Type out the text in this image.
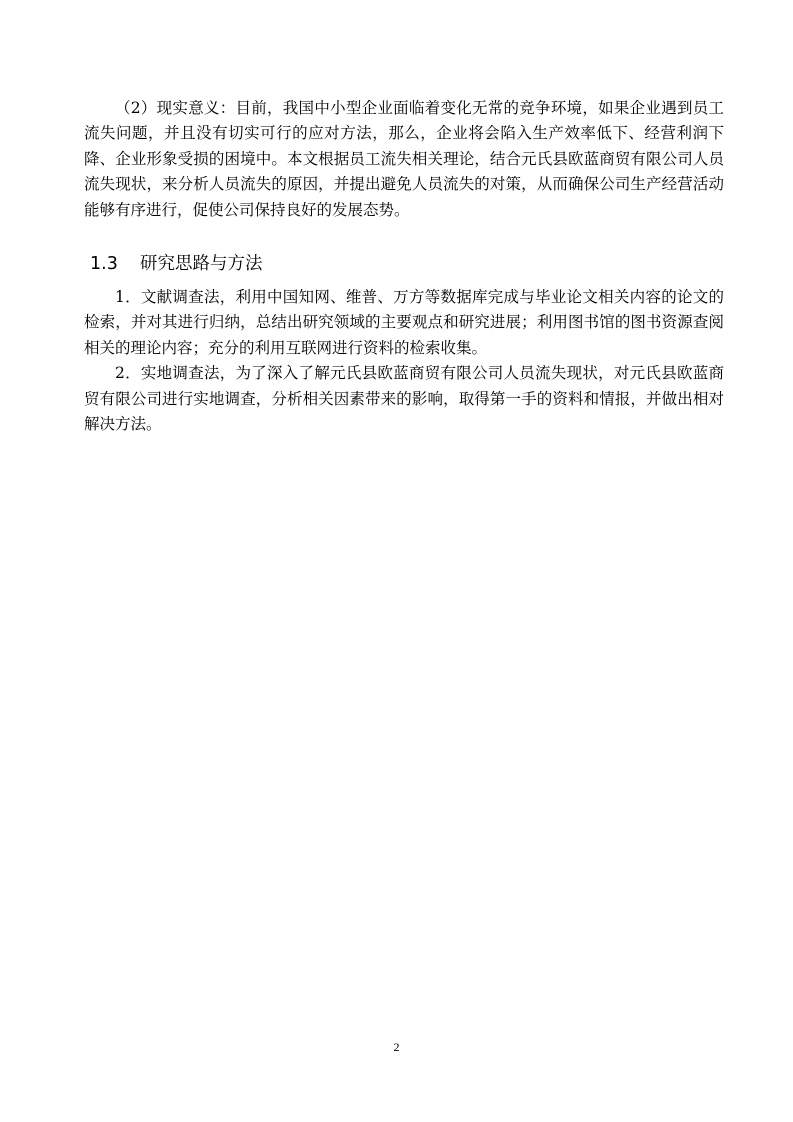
（2）现实意义：目前，我国中小型企业面临着变化无常的竞争环境，如果企业遇到员工流失问题，并且没有切实可行的应对方法，那么，企业将会陷入生产效率低下、经营利润下降、企业形象受损的困境中。本文根据员工流失相关理论，结合元氏县欧蓝商贸有限公司人员流失现状，来分析人员流失的原因，并提出避免人员流失的对策，从而确保公司生产经营活动能够有序进行，促使公司保持良好的发展态势。

1.3 研究思路与方法

1．文献调查法，利用中国知网、维普、万方等数据库完成与毕业论文相关内容的论文的检索，并对其进行归纳，总结出研究领域的主要观点和研究进展；利用图书馆的图书资源查阅相关的理论内容；充分的利用互联网进行资料的检索收集。

2．实地调查法，为了深入了解元氏县欧蓝商贸有限公司人员流失现状，对元氏县欧蓝商贸有限公司进行实地调查，分析相关因素带来的影响，取得第一手的资料和情报，并做出相对解决方法。

2
